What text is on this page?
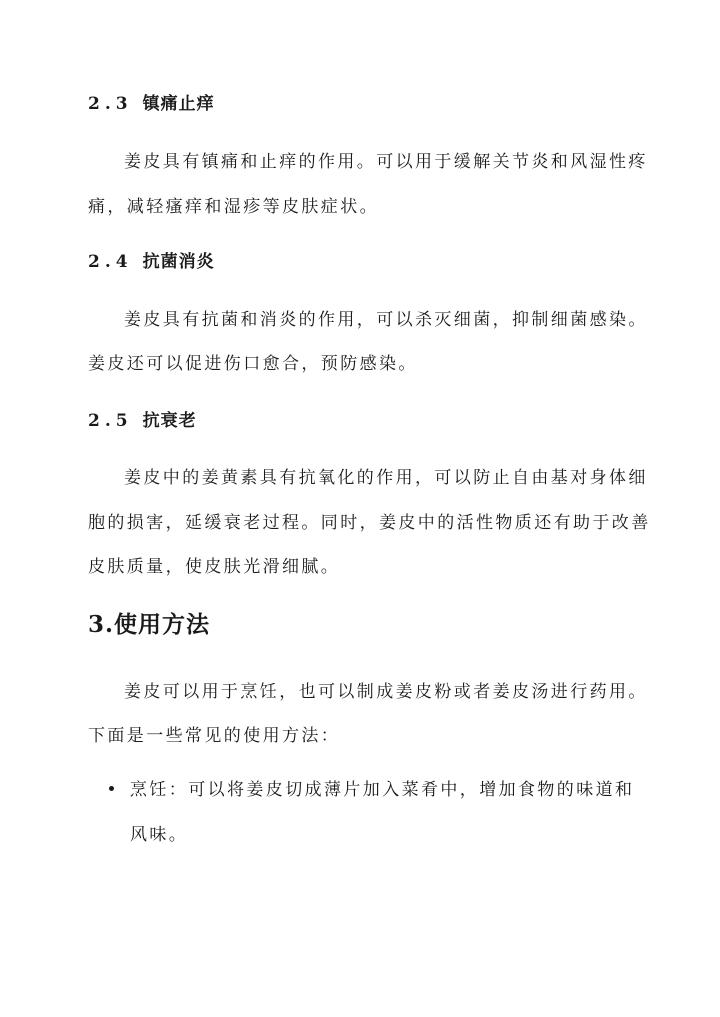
2.3 镇痛止痒
姜皮具有镇痛和止痒的作用。可以用于缓解关节炎和风湿性疼
痛，减轻瘙痒和湿疹等皮肤症状。
2.4 抗菌消炎
姜皮具有抗菌和消炎的作用，可以杀灭细菌，抑制细菌感染。
姜皮还可以促进伤口愈合，预防感染。
2.5 抗衰老
姜皮中的姜黄素具有抗氧化的作用，可以防止自由基对身体细
胞的损害，延缓衰老过程。同时，姜皮中的活性物质还有助于改善
皮肤质量，使皮肤光滑细腻。
3.使用方法
姜皮可以用于烹饪，也可以制成姜皮粉或者姜皮汤进行药用。
下面是一些常见的使用方法：
烹饪：可以将姜皮切成薄片加入菜肴中，增加食物的味道和
风味。
